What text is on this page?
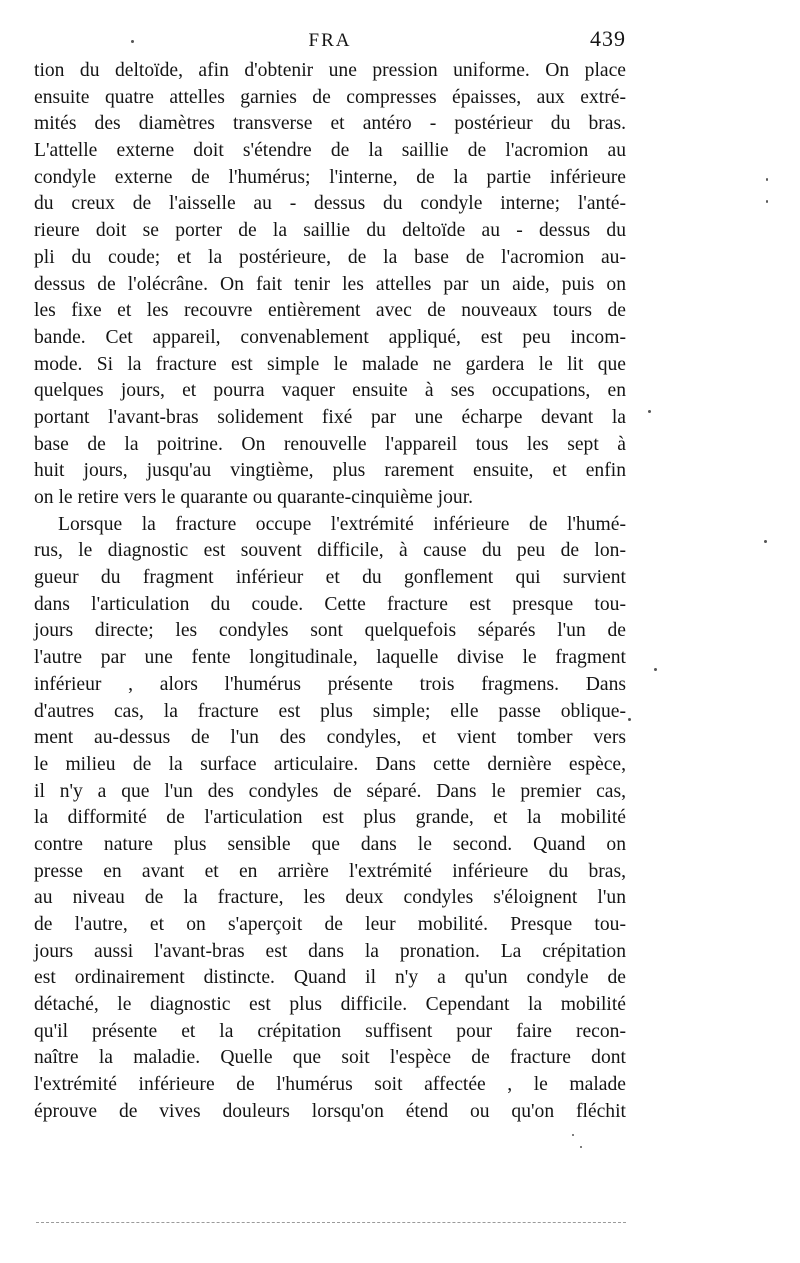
FRA	439
tion du deltoïde, afin d'obtenir une pression uniforme. On place
ensuite quatre attelles garnies de compresses épaisses, aux extré-
mités des diamètres transverse et antéro - postérieur du bras.
L'attelle externe doit s'étendre de la saillie de l'acromion au
condyle externe de l'humérus; l'interne, de la partie inférieure
du creux de l'aisselle au - dessus du condyle interne; l'anté-
rieure doit se porter de la saillie du deltoïde au - dessus du
pli du coude; et la postérieure, de la base de l'acromion au-
dessus de l'olécrâne. On fait tenir les attelles par un aide, puis on
les fixe et les recouvre entièrement avec de nouveaux tours de
bande. Cet appareil, convenablement appliqué, est peu incom-
mode. Si la fracture est simple le malade ne gardera le lit que
quelques jours, et pourra vaquer ensuite à ses occupations, en
portant l'avant-bras solidement fixé par une écharpe devant la
base de la poitrine. On renouvelle l'appareil tous les sept à
huit jours, jusqu'au vingtième, plus rarement ensuite, et enfin
on le retire vers le quarante ou quarante-cinquième jour.
Lorsque la fracture occupe l'extrémité inférieure de l'humé-
rus, le diagnostic est souvent difficile, à cause du peu de lon-
gueur du fragment inférieur et du gonflement qui survient
dans l'articulation du coude. Cette fracture est presque tou-
jours directe; les condyles sont quelquefois séparés l'un de
l'autre par une fente longitudinale, laquelle divise le fragment
inférieur , alors l'humérus présente trois fragmens. Dans
d'autres cas, la fracture est plus simple; elle passe oblique-
ment au-dessus de l'un des condyles, et vient tomber vers
le milieu de la surface articulaire. Dans cette dernière espèce,
il n'y a que l'un des condyles de séparé. Dans le premier cas,
la difformité de l'articulation est plus grande, et la mobilité
contre nature plus sensible que dans le second. Quand on
presse en avant et en arrière l'extrémité inférieure du bras,
au niveau de la fracture, les deux condyles s'éloignent l'un
de l'autre, et on s'aperçoit de leur mobilité. Presque tou-
jours aussi l'avant-bras est dans la pronation. La crépitation
est ordinairement distincte. Quand il n'y a qu'un condyle de
détaché, le diagnostic est plus difficile. Cependant la mobilité
qu'il présente et la crépitation suffisent pour faire recon-
naître la maladie. Quelle que soit l'espèce de fracture dont
l'extrémité inférieure de l'humérus soit affectée , le malade
éprouve de vives douleurs lorsqu'on étend ou qu'on fléchit
